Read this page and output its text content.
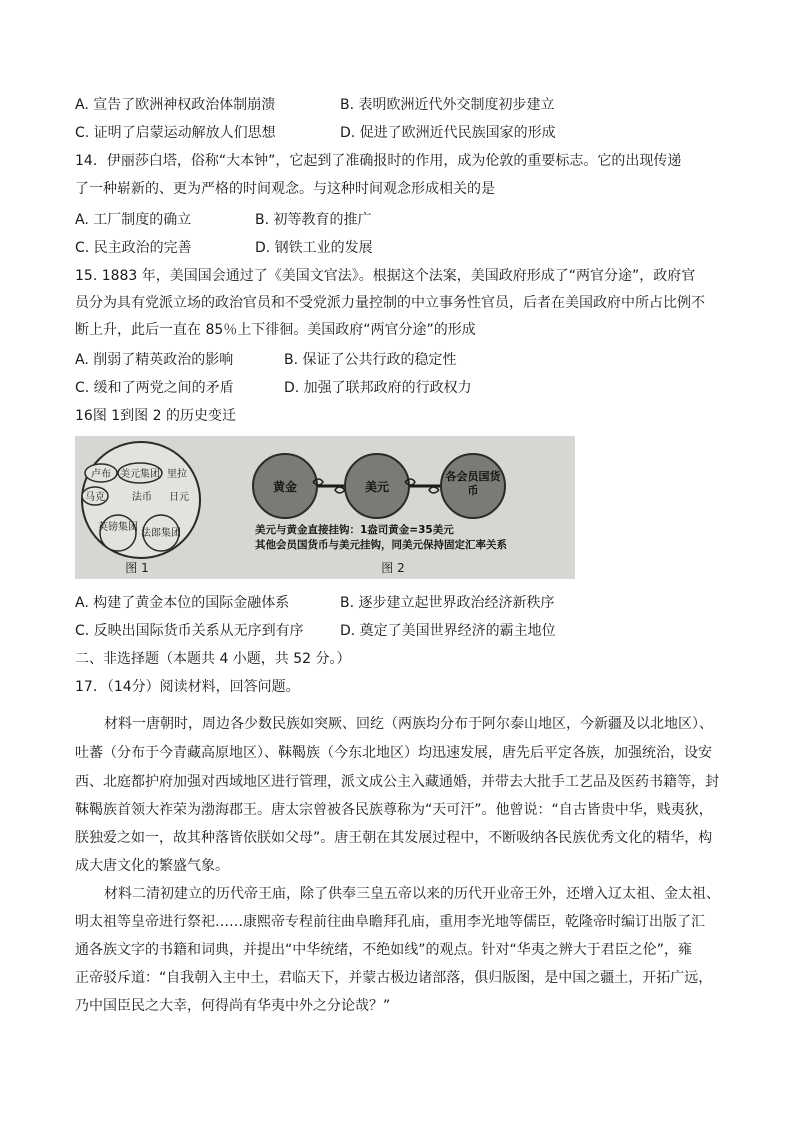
A. 宣告了欧洲神权政治体制崩溃	B. 表明欧洲近代外交制度初步建立
C. 证明了启蒙运动解放人们思想	D. 促进了欧洲近代民族国家的形成
14．伊丽莎白塔，俗称“大本钟”，它起到了准确报时的作用，成为伦敦的重要标志。它的出现传递
了一种崭新的、更为严格的时间观念。与这种时间观念形成相关的是
A. 工厂制度的确立	B. 初等教育的推广
C. 民主政治的完善	D. 钢铁工业的发展
15. 1883 年，美国国会通过了《美国文官法》。根据这个法案，美国政府形成了“两官分途”，政府官
员分为具有党派立场的政治官员和不受党派力量控制的中立事务性官员，后者在美国政府中所占比例不
断上升，此后一直在 85％上下徘徊。美国政府“两官分途”的形成
A. 削弱了精英政治的影响	B. 保证了公共行政的稳定性
C. 缓和了两党之间的矛盾	D. 加强了联邦政府的行政权力
16图 1到图 2 的历史变迁
卢布 美元集团 里拉
马克	法币 日元
英镑集团
法郎集团
图 1
黄金	美元
各会员国货币
美元与黄金直接挂钩：1盎司黄金=35美元
其他会员国货币与美元挂钩，同美元保持固定汇率关系
图 2
A. 构建了黄金本位的国际金融体系	B. 逐步建立起世界政治经济新秩序
C. 反映出国际货币关系从无序到有序	D. 奠定了美国世界经济的霸主地位
二、非选择题（本题共 4 小题，共 52 分。）
17．（14分）阅读材料，回答问题。
材料一唐朝时，周边各少数民族如突厥、回纥（两族均分布于阿尔泰山地区，今新疆及以北地区）、
吐蕃（分布于今青藏高原地区）、靺鞨族（今东北地区）均迅速发展，唐先后平定各族，加强统治，设安
西、北庭都护府加强对西域地区进行管理，派文成公主入藏通婚，并带去大批手工艺品及医药书籍等，封
靺鞨族首领大祚荣为渤海郡王。唐太宗曾被各民族尊称为“天可汗”。他曾说：“自古皆贵中华，贱夷狄，
朕独爱之如一，故其种落皆依朕如父母”。唐王朝在其发展过程中，不断吸纳各民族优秀文化的精华，构
成大唐文化的繁盛气象。
材料二清初建立的历代帝王庙，除了供奉三皇五帝以来的历代开业帝王外，还增入辽太祖、金太祖、
明太祖等皇帝进行祭祀……康熙帝专程前往曲阜瞻拜孔庙，重用李光地等儒臣，乾隆帝时编订出版了汇
通各族文字的书籍和词典，并提出“中华统绪，不绝如线”的观点。针对“华夷之辨大于君臣之伦”，雍
正帝驳斥道：“自我朝入主中土，君临天下，并蒙古极边诸部落，俱归版图，是中国之疆土，开拓广远，
乃中国臣民之大幸，何得尚有华夷中外之分论哉？”
